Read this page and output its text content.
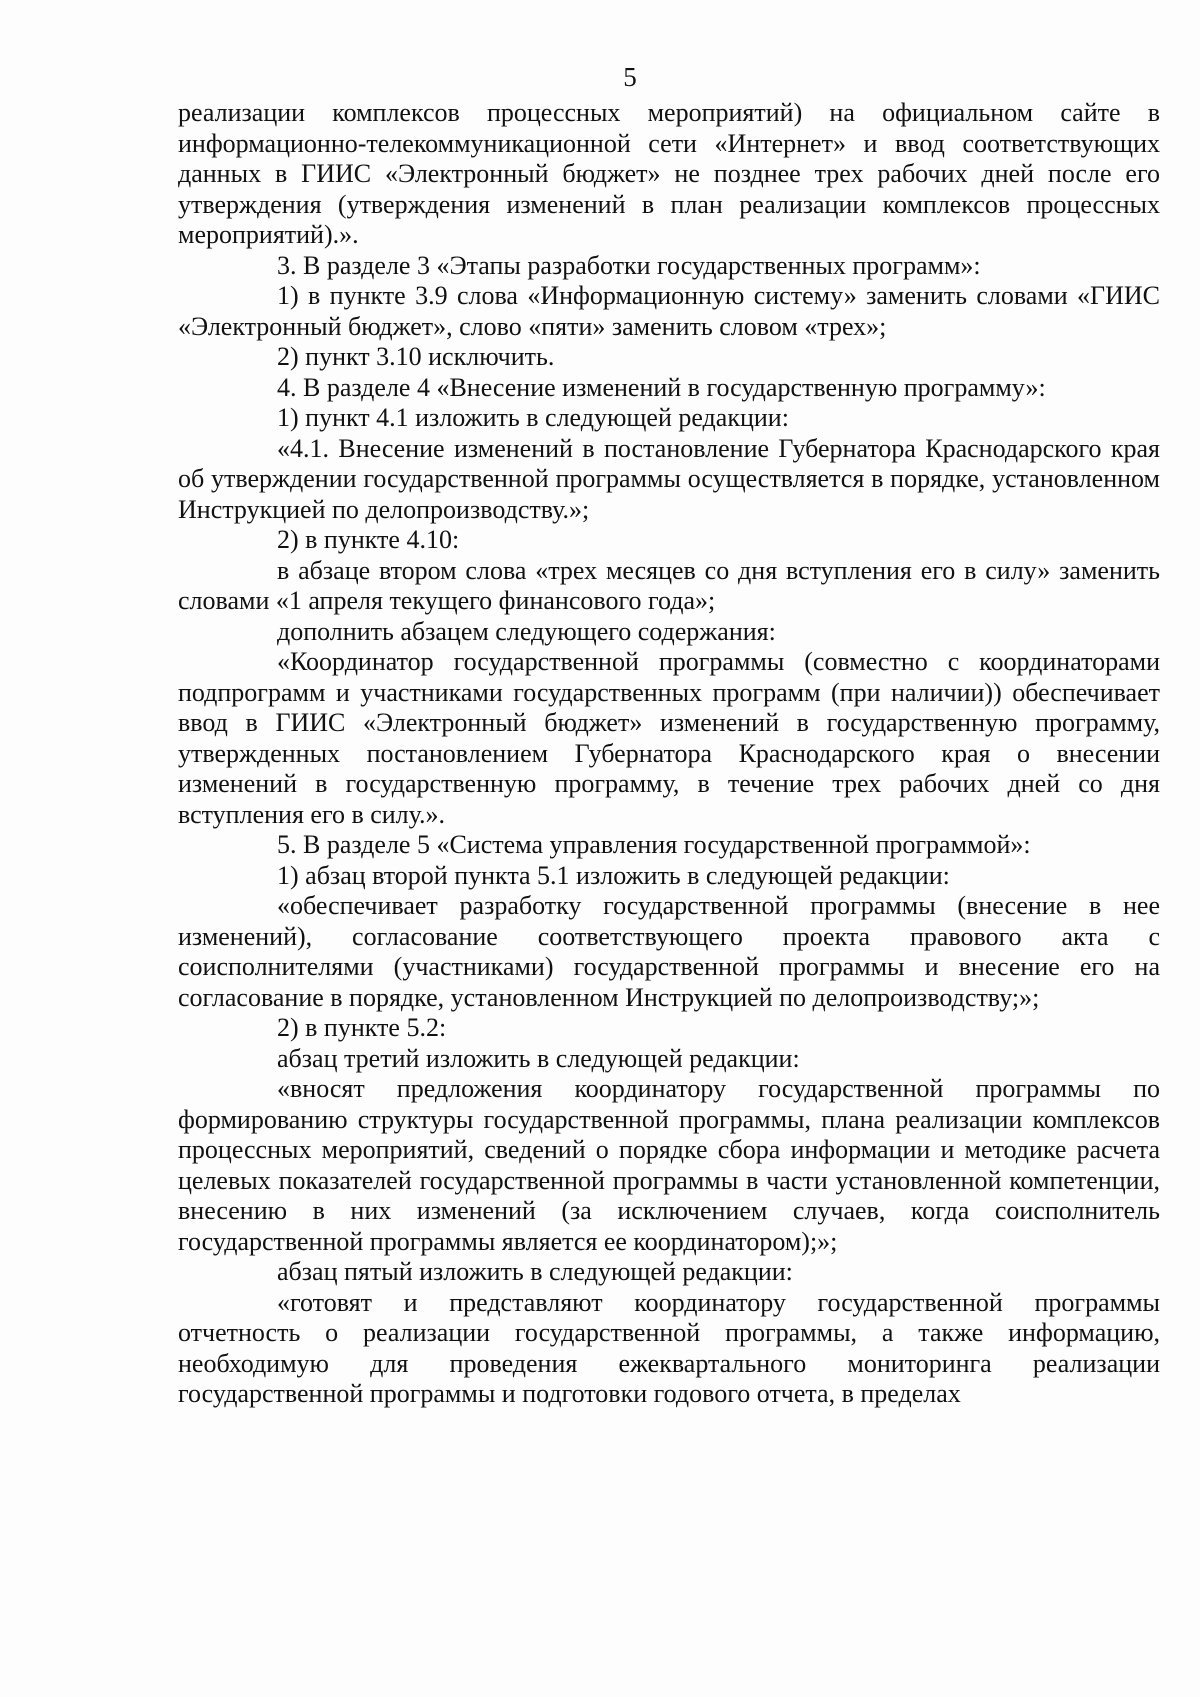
5

реализации комплексов процессных мероприятий) на официальном сайте в информационно-телекоммуникационной сети «Интернет» и ввод соответствующих данных в ГИИС «Электронный бюджет» не позднее трех рабочих дней после его утверждения (утверждения изменений в план реализации комплексов процессных мероприятий).».

3. В разделе 3 «Этапы разработки государственных программ»:

1) в пункте 3.9 слова «Информационную систему» заменить словами «ГИИС «Электронный бюджет», слово «пяти» заменить словом «трех»;

2) пункт 3.10 исключить.

4. В разделе 4 «Внесение изменений в государственную программу»:

1) пункт 4.1 изложить в следующей редакции:

«4.1. Внесение изменений в постановление Губернатора Краснодарского края об утверждении государственной программы осуществляется в порядке, установленном Инструкцией по делопроизводству.»;

2) в пункте 4.10:

в абзаце втором слова «трех месяцев со дня вступления его в силу» заменить словами «1 апреля текущего финансового года»;

дополнить абзацем следующего содержания:

«Координатор государственной программы (совместно с координаторами подпрограмм и участниками государственных программ (при наличии)) обеспечивает ввод в ГИИС «Электронный бюджет» изменений в государственную программу, утвержденных постановлением Губернатора Краснодарского края о внесении изменений в государственную программу, в течение трех рабочих дней со дня вступления его в силу.».

5. В разделе 5 «Система управления государственной программой»:

1) абзац второй пункта 5.1 изложить в следующей редакции:

«обеспечивает разработку государственной программы (внесение в нее изменений), согласование соответствующего проекта правового акта с соисполнителями (участниками) государственной программы и внесение его на согласование в порядке, установленном Инструкцией по делопроизводству;»;

2) в пункте 5.2:

абзац третий изложить в следующей редакции:

«вносят предложения координатору государственной программы по формированию структуры государственной программы, плана реализации комплексов процессных мероприятий, сведений о порядке сбора информации и методике расчета целевых показателей государственной программы в части установленной компетенции, внесению в них изменений (за исключением случаев, когда соисполнитель государственной программы является ее координатором);»;

абзац пятый изложить в следующей редакции:

«готовят и представляют координатору государственной программы отчетность о реализации государственной программы, а также информацию, необходимую для проведения ежеквартального мониторинга реализации государственной программы и подготовки годового отчета, в пределах
